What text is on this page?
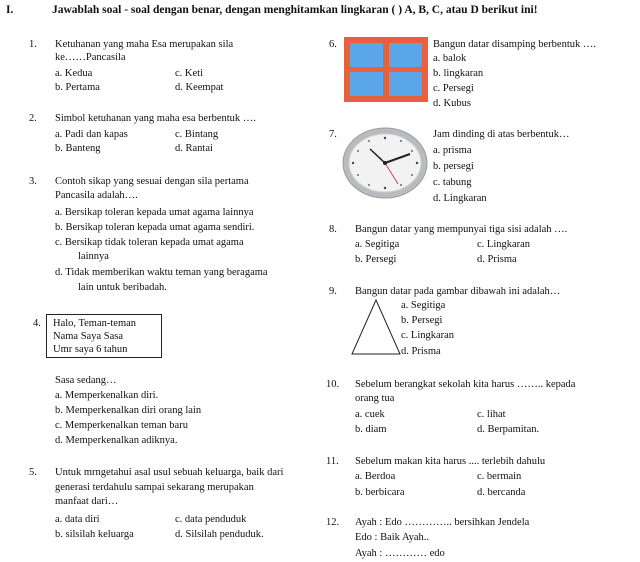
I.	Jawablah soal - soal dengan benar, dengan menghitamkan lingkaran ( ) A, B, C, atau D berikut ini!
1. Ketuhanan yang maha Esa merupakan sila
ke……Pancasila
a. Kedua
b. Pertama
c. Keti
d. Keempat
2. Simbol ketuhanan yang maha esa berbentuk ….
a. Padi dan kapas
b. Banteng
c. Bintang
d. Rantai
3. Contoh sikap yang sesuai dengan sila pertama
Pancasila adalah….
a. Bersikap toleran kepada umat agama lainnya
b. Bersikap toleran kepada umat agama sendiri.
c. Bersikap tidak toleran kepada umat agama
lainnya
d. Tidak memberikan waktu teman yang beragama
lain untuk beribadah.
4. Halo, Teman-teman
Nama Saya Sasa
Umr saya 6 tahun
Sasa sedang…
a. Memperkenalkan diri.
b. Memperkenalkan diri orang lain
c. Memperkenalkan teman baru
d. Memperkenalkan adiknya.
5. Untuk mrngetahui asal usul sebuah keluarga, baik dari
generasi terdahulu sampai sekarang merupakan
manfaat dari…
a. data diri
b. silsilah keluarga
c. data penduduk
d. Silsilah penduduk.
6.	Bangun datar disamping berbentuk ….
a. balok
b. lingkaran
c. Persegi
d. Kubus
7.	Jam dinding di atas berbentuk…
a. prisma
b. persegi
c. tabung
d. Lingkaran
8. Bangun datar yang mempunyai tiga sisi adalah ….
a. Segitiga
b. Persegi
c. Lingkaran
d. Prisma
9. Bangun datar pada gambar dibawah ini adalah…
a. Segitiga
b. Persegi
c. Lingkaran
d. Prisma
10. Sebelum berangkat sekolah kita harus …….. kepada
orang tua
a. cuek
b. diam
c. lihat
d. Berpamitan.
11. Sebelum makan kita harus .... terlebih dahulu
a. Berdoa
b. berbicara
c. bermain
d. bercanda
12. Ayah : Edo ………….. bersihkan Jendela
Edo : Baik Ayah..
Ayah : ………… edo
